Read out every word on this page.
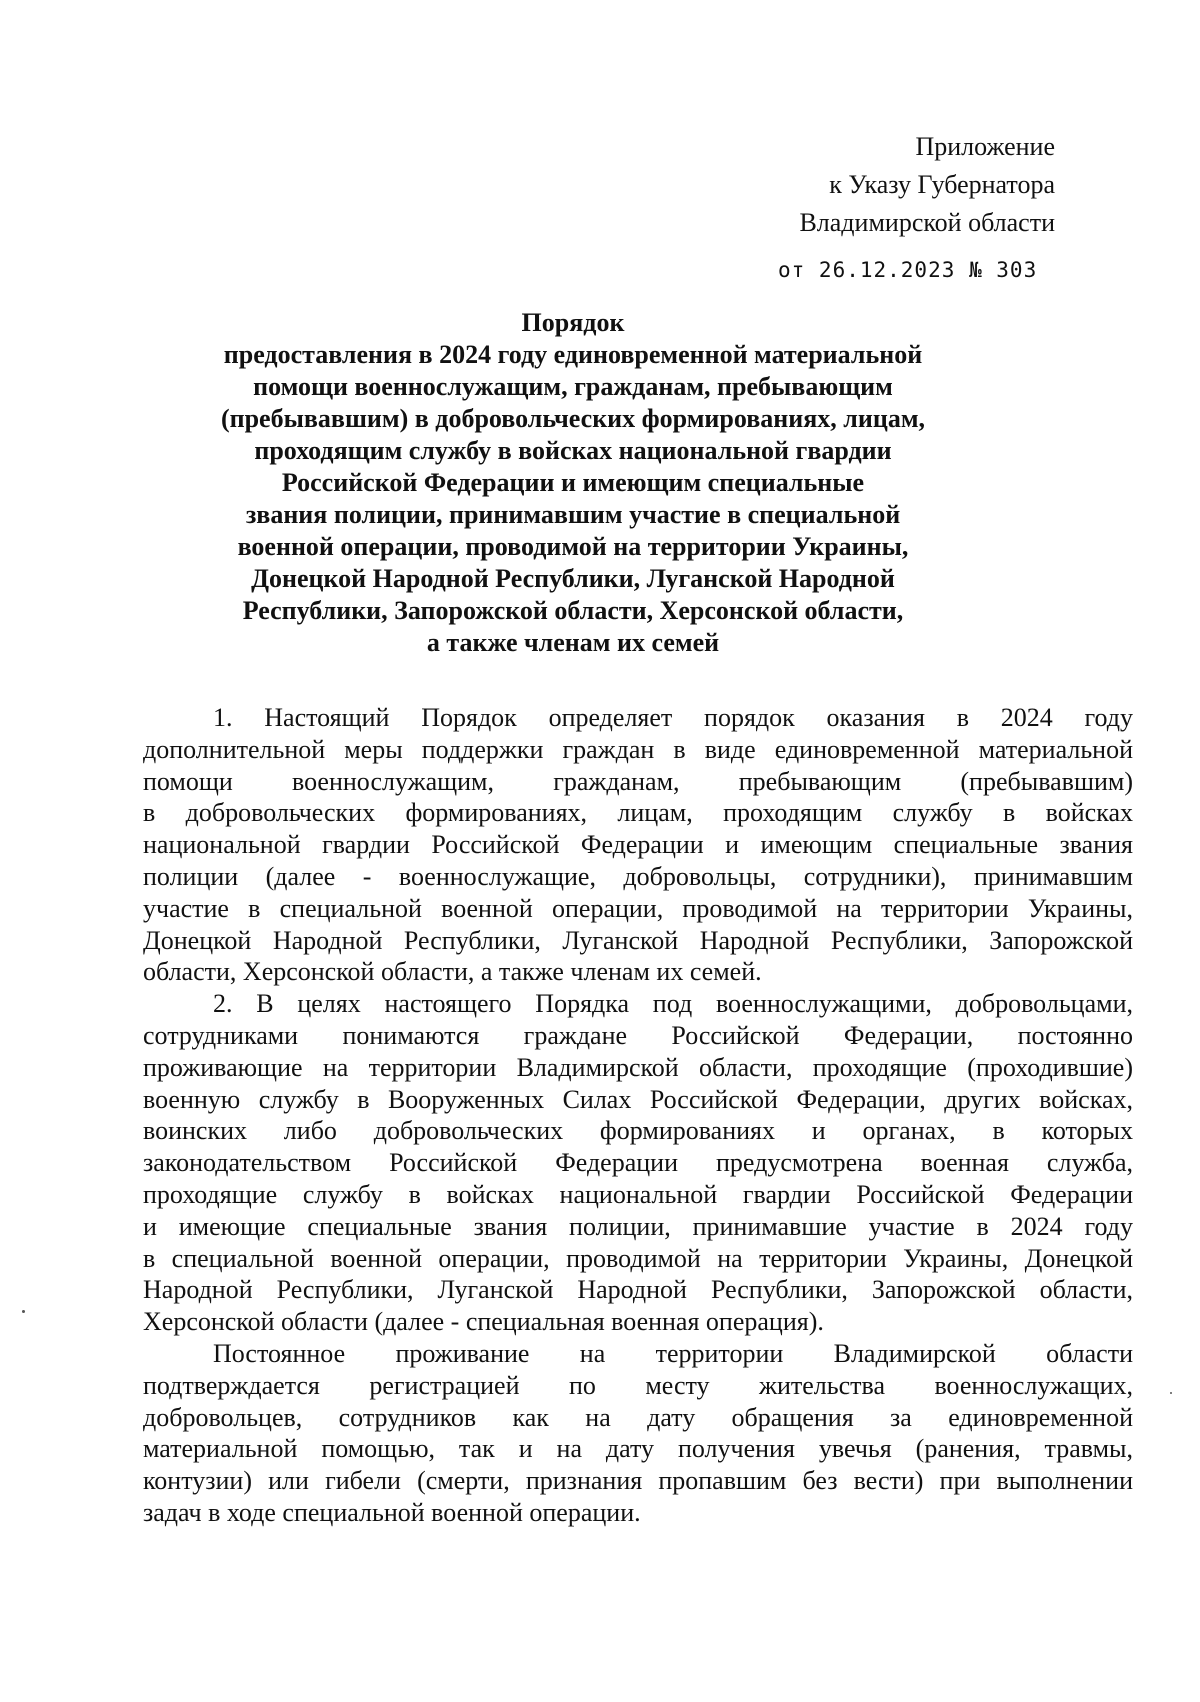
Приложение
к Указу Губернатора
Владимирской области
от 26.12.2023 № 303
Порядок
предоставления в 2024 году единовременной материальной
помощи военнослужащим, гражданам, пребывающим
(пребывавшим) в добровольческих формированиях, лицам,
проходящим службу в войсках национальной гвардии
Российской Федерации и имеющим специальные
звания полиции, принимавшим участие в специальной
военной операции, проводимой на территории Украины,
Донецкой Народной Республики, Луганской Народной
Республики, Запорожской области, Херсонской области,
а также членам их семей
1. Настоящий Порядок определяет порядок оказания в 2024 году
дополнительной меры поддержки граждан в виде единовременной материальной
помощи военнослужащим, гражданам, пребывающим (пребывавшим)
в добровольческих формированиях, лицам, проходящим службу в войсках
национальной гвардии Российской Федерации и имеющим специальные звания
полиции (далее - военнослужащие, добровольцы, сотрудники), принимавшим
участие в специальной военной операции, проводимой на территории Украины,
Донецкой Народной Республики, Луганской Народной Республики, Запорожской
области, Херсонской области, а также членам их семей.
2. В целях настоящего Порядка под военнослужащими, добровольцами,
сотрудниками понимаются граждане Российской Федерации, постоянно
проживающие на территории Владимирской области, проходящие (проходившие)
военную службу в Вооруженных Силах Российской Федерации, других войсках,
воинских либо добровольческих формированиях и органах, в которых
законодательством Российской Федерации предусмотрена военная служба,
проходящие службу в войсках национальной гвардии Российской Федерации
и имеющие специальные звания полиции, принимавшие участие в 2024 году
в специальной военной операции, проводимой на территории Украины, Донецкой
Народной Республики, Луганской Народной Республики, Запорожской области,
Херсонской области (далее - специальная военная операция).
Постоянное проживание на территории Владимирской области
подтверждается регистрацией по месту жительства военнослужащих,
добровольцев, сотрудников как на дату обращения за единовременной
материальной помощью, так и на дату получения увечья (ранения, травмы,
контузии) или гибели (смерти, признания пропавшим без вести) при выполнении
задач в ходе специальной военной операции.
